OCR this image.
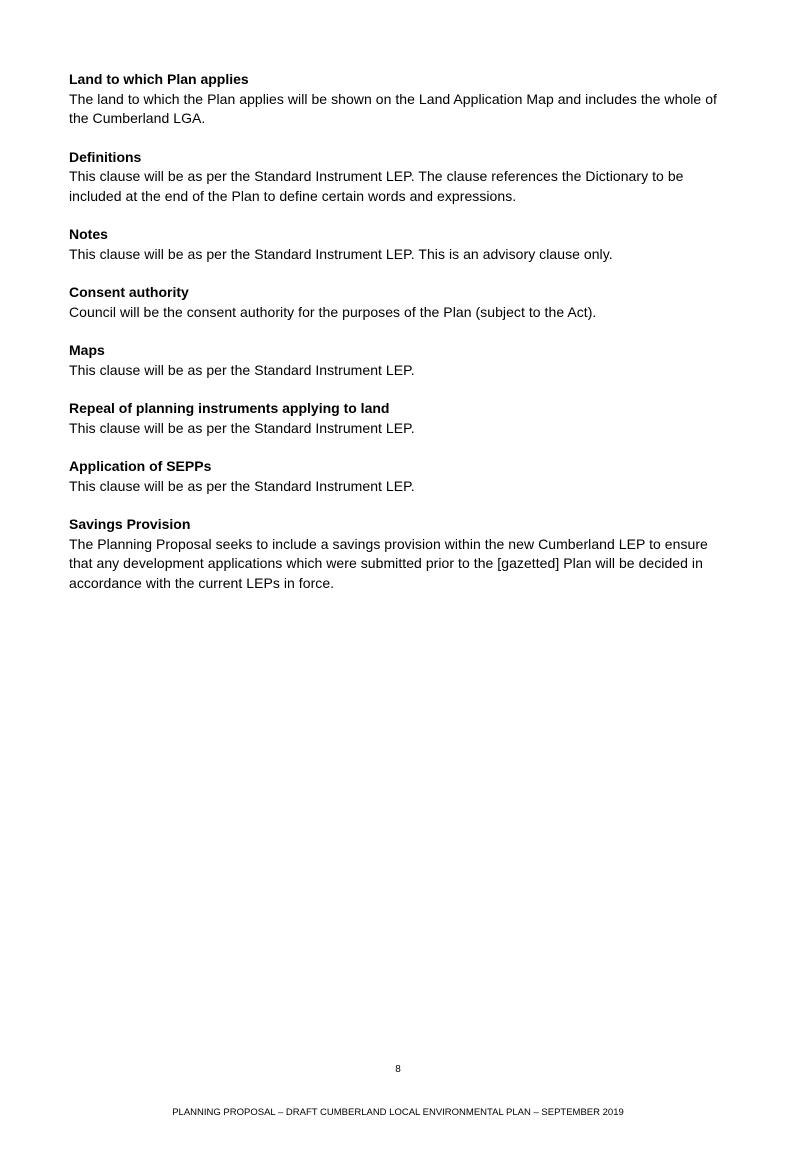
Land to which Plan applies

The land to which the Plan applies will be shown on the Land Application Map and includes the whole of the Cumberland LGA.

Definitions

This clause will be as per the Standard Instrument LEP. The clause references the Dictionary to be included at the end of the Plan to define certain words and expressions.

Notes

This clause will be as per the Standard Instrument LEP. This is an advisory clause only.

Consent authority

Council will be the consent authority for the purposes of the Plan (subject to the Act).

Maps

This clause will be as per the Standard Instrument LEP.

Repeal of planning instruments applying to land

This clause will be as per the Standard Instrument LEP.

Application of SEPPs

This clause will be as per the Standard Instrument LEP.

Savings Provision

The Planning Proposal seeks to include a savings provision within the new Cumberland LEP to ensure that any development applications which were submitted prior to the [gazetted] Plan will be decided in accordance with the current LEPs in force.

8
PLANNING PROPOSAL – DRAFT CUMBERLAND LOCAL ENVIRONMENTAL PLAN – SEPTEMBER 2019
